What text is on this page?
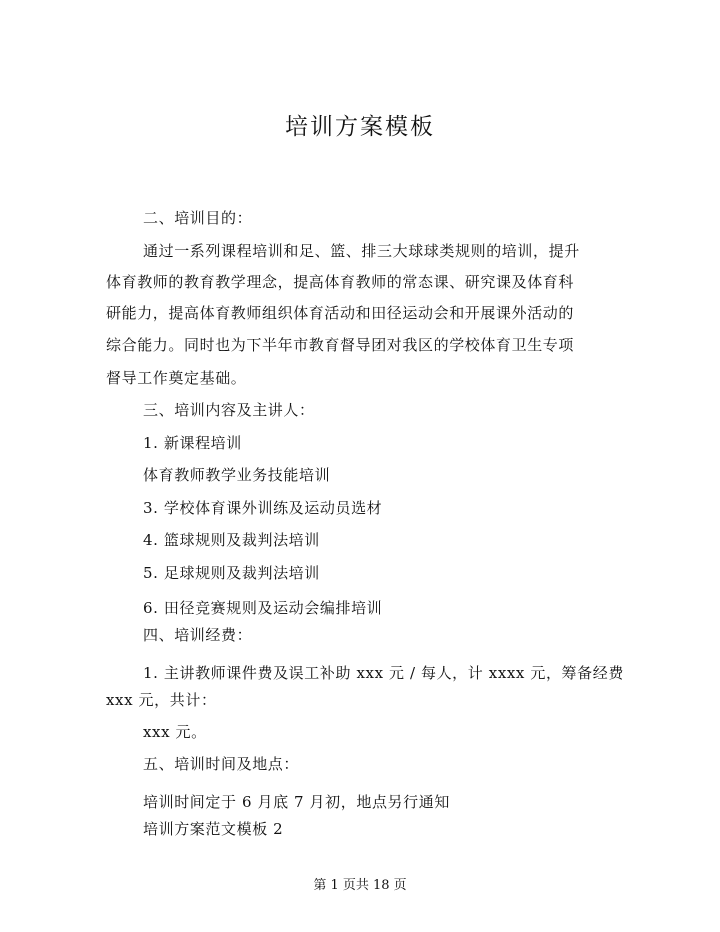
培训方案模板
二、培训目的：
通过一系列课程培训和足、篮、排三大球球类规则的培训，提升
体育教师的教育教学理念，提高体育教师的常态课、研究课及体育科
研能力，提高体育教师组织体育活动和田径运动会和开展课外活动的
综合能力。同时也为下半年市教育督导团对我区的学校体育卫生专项
督导工作奠定基础。
三、培训内容及主讲人：
1. 新课程培训
体育教师教学业务技能培训
3. 学校体育课外训练及运动员选材
4. 篮球规则及裁判法培训
5. 足球规则及裁判法培训
6. 田径竞赛规则及运动会编排培训
四、培训经费：
1. 主讲教师课件费及误工补助 xxx 元 / 每人，计 xxxx 元，筹备经费
xxx 元，共计：
xxx 元。
五、培训时间及地点：
培训时间定于 6 月底 7 月初，地点另行通知
培训方案范文模板 2
第 1 页共 18 页
